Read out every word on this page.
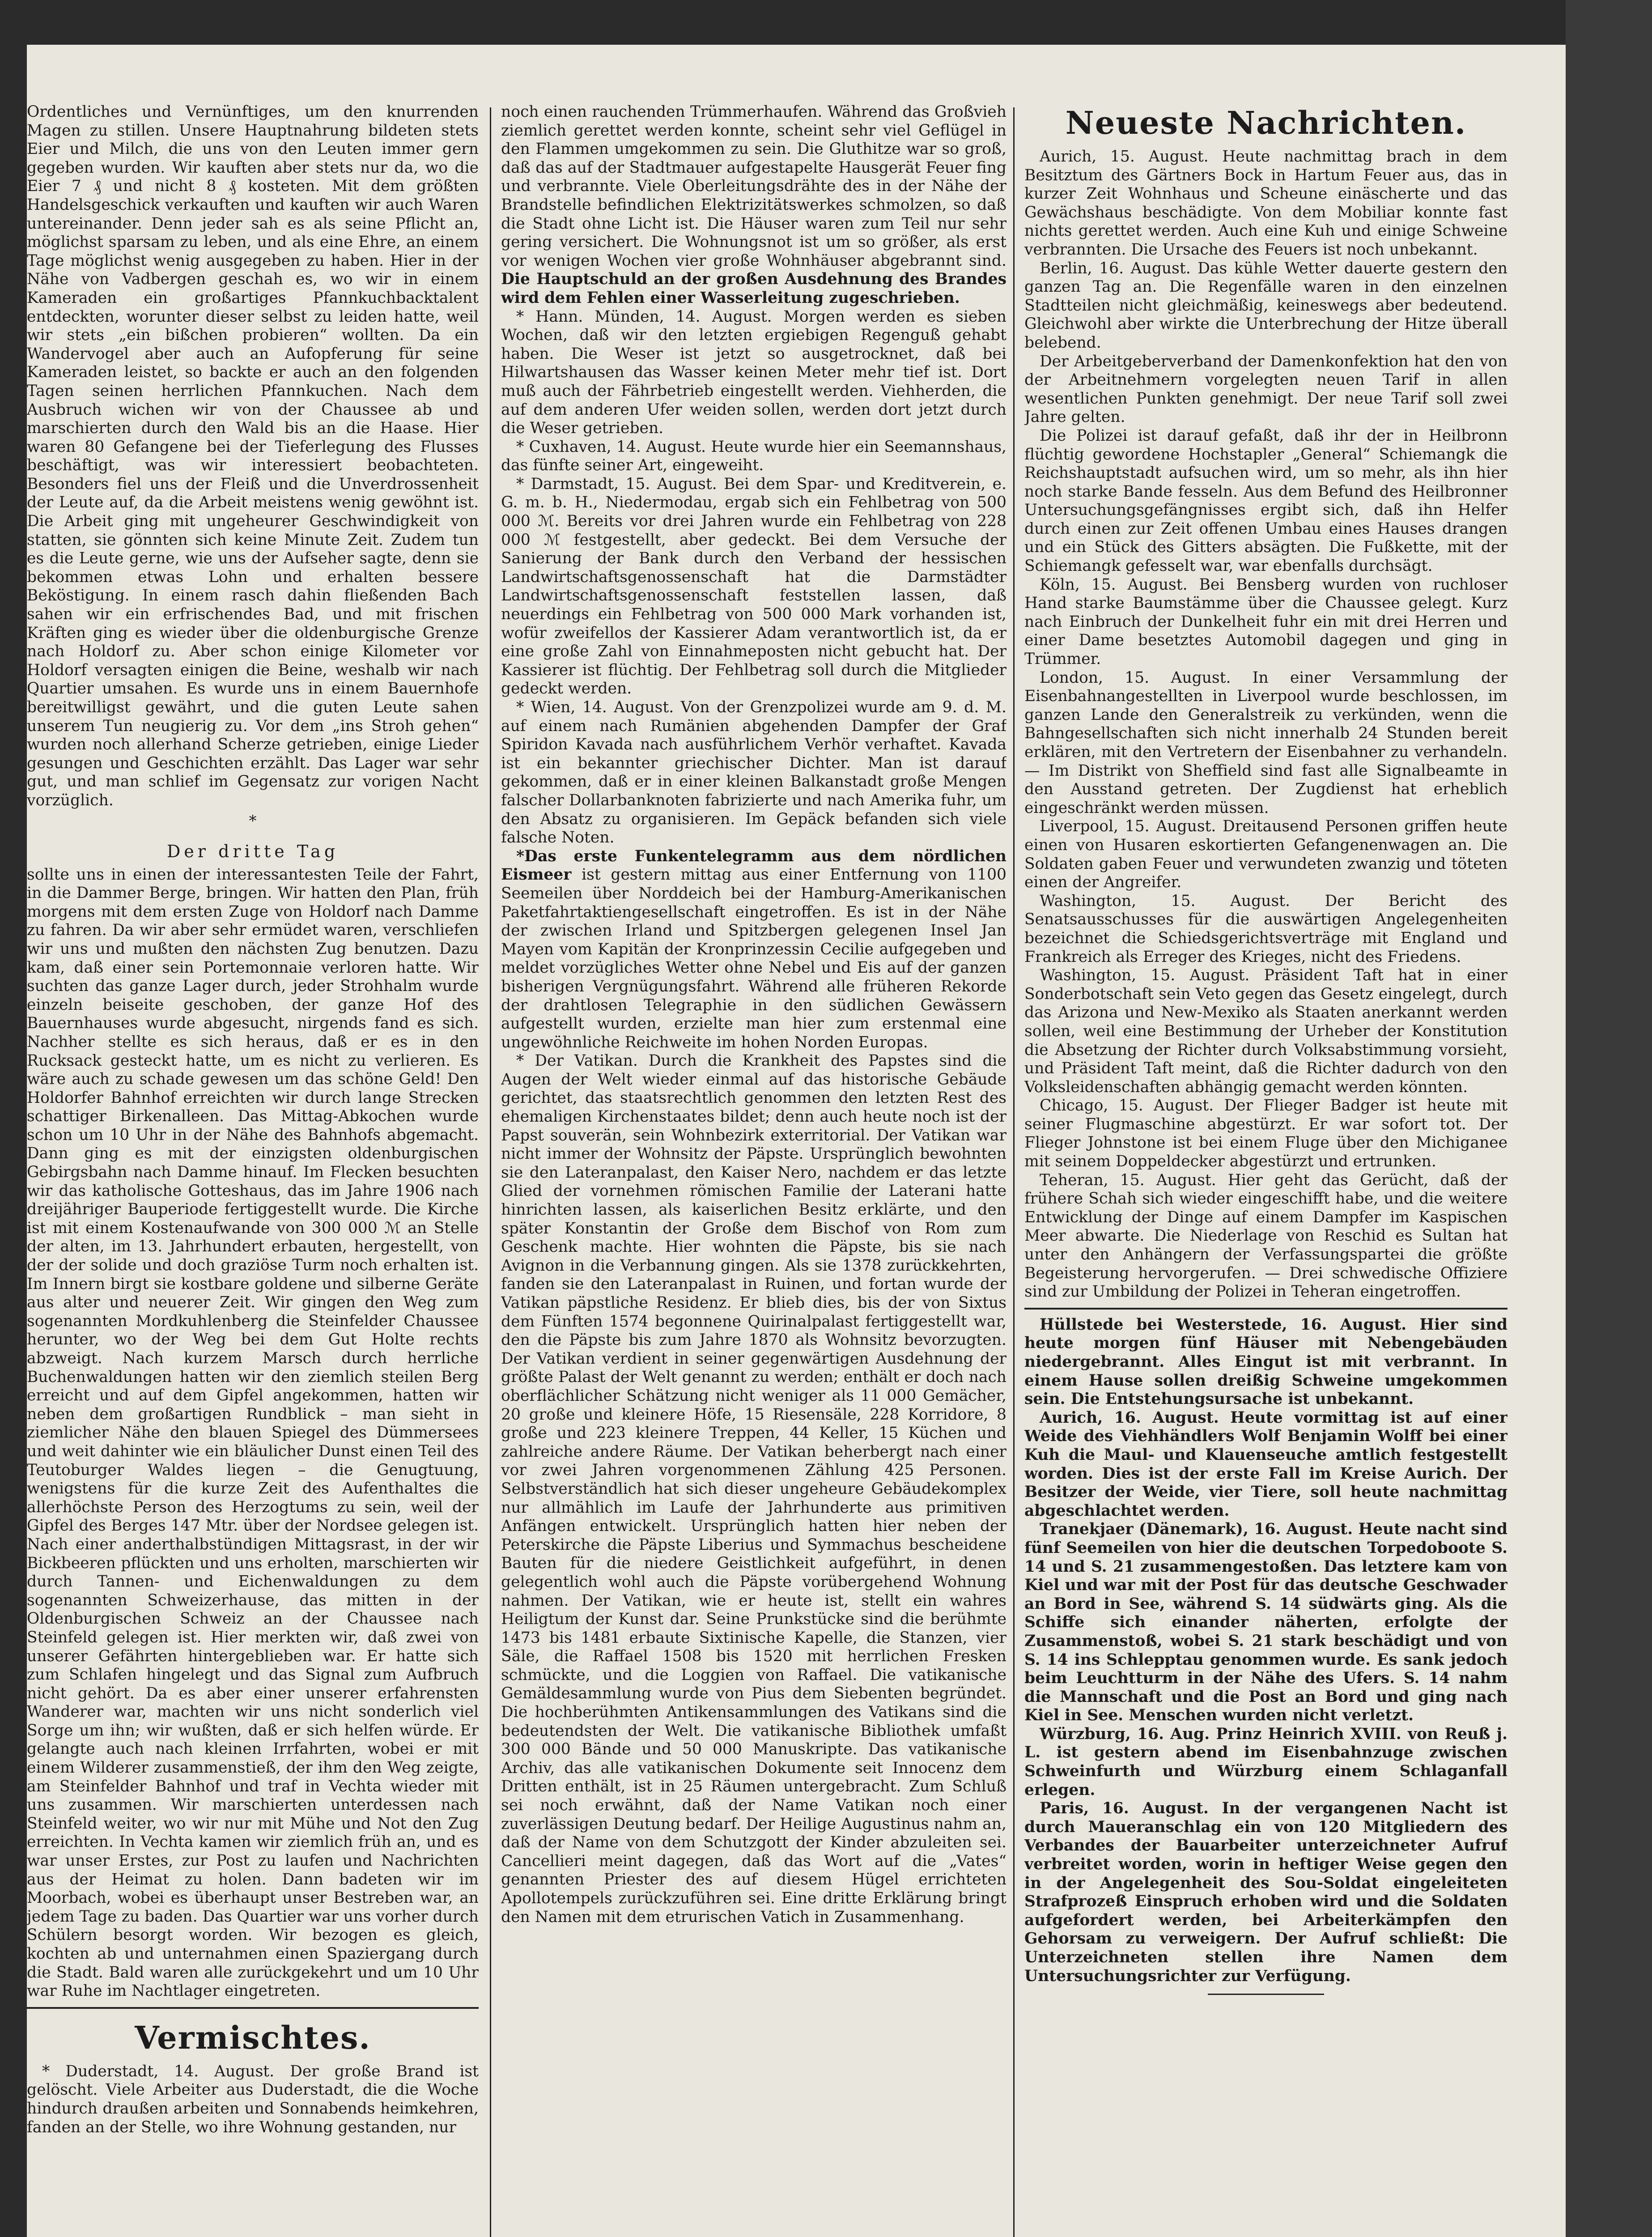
Ordentliches und Vernünftiges, um den knurrenden Magen zu stillen. Unsere Hauptnahrung bildeten stets Eier und Milch, die uns von den Leuten immer gern gegeben wurden. Wir kauften aber stets nur da, wo die Eier 7 ₰ und nicht 8 ₰ kosteten. Mit dem größten Handelsgeschick verkauften und kauften wir auch Waren untereinander. Denn jeder sah es als seine Pflicht an, möglichst sparsam zu leben, und als eine Ehre, an einem Tage möglichst wenig ausgegeben zu haben. Hier in der Nähe von Vadbergen geschah es, wo wir in einem Kameraden ein großartiges Pfannkuchbacktalent entdeckten, worunter dieser selbst zu leiden hatte, weil wir stets „ein bißchen probieren“ wollten. Da ein Wandervogel aber auch an Aufopferung für seine Kameraden leistet, so backte er auch an den folgenden Tagen seinen herrlichen Pfannkuchen. Nach dem Ausbruch wichen wir von der Chaussee ab und marschierten durch den Wald bis an die Haase. Hier waren 80 Gefangene bei der Tieferlegung des Flusses beschäftigt, was wir interessiert beobachteten. Besonders fiel uns der Fleiß und die Unverdrossenheit der Leute auf, da die Arbeit meistens wenig gewöhnt ist. Die Arbeit ging mit ungeheurer Geschwindigkeit von statten, sie gönnten sich keine Minute Zeit. Zudem tun es die Leute gerne, wie uns der Aufseher sagte, denn sie bekommen etwas Lohn und erhalten bessere Beköstigung. In einem rasch dahin fließenden Bach sahen wir ein erfrischendes Bad, und mit frischen Kräften ging es wieder über die oldenburgische Grenze nach Holdorf zu. Aber schon einige Kilometer vor Holdorf versagten einigen die Beine, weshalb wir nach Quartier umsahen. Es wurde uns in einem Bauernhofe bereitwilligst gewährt, und die guten Leute sahen unserem Tun neugierig zu. Vor dem „ins Stroh gehen“ wurden noch allerhand Scherze getrieben, einige Lieder gesungen und Geschichten erzählt. Das Lager war sehr gut, und man schlief im Gegensatz zur vorigen Nacht vorzüglich.

*
Der dritte Tag

sollte uns in einen der interessantesten Teile der Fahrt, in die Dammer Berge, bringen. Wir hatten den Plan, früh morgens mit dem ersten Zuge von Holdorf nach Damme zu fahren. Da wir aber sehr ermüdet waren, verschliefen wir uns und mußten den nächsten Zug benutzen. Dazu kam, daß einer sein Portemonnaie verloren hatte. Wir suchten das ganze Lager durch, jeder Strohhalm wurde einzeln beiseite geschoben, der ganze Hof des Bauernhauses wurde abgesucht, nirgends fand es sich. Nachher stellte es sich heraus, daß er es in den Rucksack gesteckt hatte, um es nicht zu verlieren. Es wäre auch zu schade gewesen um das schöne Geld! Den Holdorfer Bahnhof erreichten wir durch lange Strecken schattiger Birkenalleen. Das Mittag-Abkochen wurde schon um 10 Uhr in der Nähe des Bahnhofs abgemacht. Dann ging es mit der einzigsten oldenburgischen Gebirgsbahn nach Damme hinauf. Im Flecken besuchten wir das katholische Gotteshaus, das im Jahre 1906 nach dreijähriger Bauperiode fertiggestellt wurde. Die Kirche ist mit einem Kostenaufwande von 300 000 ℳ an Stelle der alten, im 13. Jahrhundert erbauten, hergestellt, von der der solide und doch graziöse Turm noch erhalten ist. Im Innern birgt sie kostbare goldene und silberne Geräte aus alter und neuerer Zeit. Wir gingen den Weg zum sogenannten Mordkuhlenberg die Steinfelder Chaussee herunter, wo der Weg bei dem Gut Holte rechts abzweigt. Nach kurzem Marsch durch herrliche Buchenwaldungen hatten wir den ziemlich steilen Berg erreicht und auf dem Gipfel angekommen, hatten wir neben dem großartigen Rundblick – man sieht in ziemlicher Nähe den blauen Spiegel des Dümmersees und weit dahinter wie ein bläulicher Dunst einen Teil des Teutoburger Waldes liegen – die Genugtuung, wenigstens für die kurze Zeit des Aufenthaltes die allerhöchste Person des Herzogtums zu sein, weil der Gipfel des Berges 147 Mtr. über der Nordsee gelegen ist. Nach einer anderthalbstündigen Mittagsrast, in der wir Bickbeeren pflückten und uns erholten, marschierten wir durch Tannen- und Eichenwaldungen zu dem sogenannten Schweizerhause, das mitten in der Oldenburgischen Schweiz an der Chaussee nach Steinfeld gelegen ist. Hier merkten wir, daß zwei von unserer Gefährten hintergeblieben war. Er hatte sich zum Schlafen hingelegt und das Signal zum Aufbruch nicht gehört. Da es aber einer unserer erfahrensten Wanderer war, machten wir uns nicht sonderlich viel Sorge um ihn; wir wußten, daß er sich helfen würde. Er gelangte auch nach kleinen Irrfahrten, wobei er mit einem Wilderer zusammenstieß, der ihm den Weg zeigte, am Steinfelder Bahnhof und traf in Vechta wieder mit uns zusammen. Wir marschierten unterdessen nach Steinfeld weiter, wo wir nur mit Mühe und Not den Zug erreichten. In Vechta kamen wir ziemlich früh an, und es war unser Erstes, zur Post zu laufen und Nachrichten aus der Heimat zu holen. Dann badeten wir im Moorbach, wobei es überhaupt unser Bestreben war, an jedem Tage zu baden. Das Quartier war uns vorher durch Schülern besorgt worden. Wir bezogen es gleich, kochten ab und unternahmen einen Spaziergang durch die Stadt. Bald waren alle zurückgekehrt und um 10 Uhr war Ruhe im Nachtlager eingetreten.

Vermischtes.

* Duderstadt, 14. August. Der große Brand ist gelöscht. Viele Arbeiter aus Duderstadt, die die Woche hindurch draußen arbeiten und Sonnabends heimkehren, fanden an der Stelle, wo ihre Wohnung gestanden, nur

noch einen rauchenden Trümmerhaufen. Während das Großvieh ziemlich gerettet werden konnte, scheint sehr viel Geflügel in den Flammen umgekommen zu sein. Die Gluthitze war so groß, daß das auf der Stadtmauer aufgestapelte Hausgerät Feuer fing und verbrannte. Viele Oberleitungsdrähte des in der Nähe der Brandstelle befindlichen Elektrizitätswerkes schmolzen, so daß die Stadt ohne Licht ist. Die Häuser waren zum Teil nur sehr gering versichert. Die Wohnungsnot ist um so größer, als erst vor wenigen Wochen vier große Wohnhäuser abgebrannt sind. Die Hauptschuld an der großen Ausdehnung des Brandes wird dem Fehlen einer Wasserleitung zugeschrieben.

* Hann. Münden, 14. August. Morgen werden es sieben Wochen, daß wir den letzten ergiebigen Regenguß gehabt haben. Die Weser ist jetzt so ausgetrocknet, daß bei Hilwartshausen das Wasser keinen Meter mehr tief ist. Dort muß auch der Fährbetrieb eingestellt werden. Viehherden, die auf dem anderen Ufer weiden sollen, werden dort jetzt durch die Weser getrieben.

* Cuxhaven, 14. August. Heute wurde hier ein Seemannshaus, das fünfte seiner Art, eingeweiht.

* Darmstadt, 15. August. Bei dem Spar- und Kreditverein, e. G. m. b. H., Niedermodau, ergab sich ein Fehlbetrag von 500 000 ℳ. Bereits vor drei Jahren wurde ein Fehlbetrag von 228 000 ℳ festgestellt, aber gedeckt. Bei dem Versuche der Sanierung der Bank durch den Verband der hessischen Landwirtschaftsgenossenschaft hat die Darmstädter Landwirtschaftsgenossenschaft feststellen lassen, daß neuerdings ein Fehlbetrag von 500 000 Mark vorhanden ist, wofür zweifellos der Kassierer Adam verantwortlich ist, da er eine große Zahl von Einnahmeposten nicht gebucht hat. Der Kassierer ist flüchtig. Der Fehlbetrag soll durch die Mitglieder gedeckt werden.

* Wien, 14. August. Von der Grenzpolizei wurde am 9. d. M. auf einem nach Rumänien abgehenden Dampfer der Graf Spiridon Kavada nach ausführlichem Verhör verhaftet. Kavada ist ein bekannter griechischer Dichter. Man ist darauf gekommen, daß er in einer kleinen Balkanstadt große Mengen falscher Dollarbanknoten fabrizierte und nach Amerika fuhr, um den Absatz zu organisieren. Im Gepäck befanden sich viele falsche Noten.

*Das erste Funkentelegramm aus dem nördlichen Eismeer ist gestern mittag aus einer Entfernung von 1100 Seemeilen über Norddeich bei der Hamburg-Amerikanischen Paketfahrtaktiengesellschaft eingetroffen. Es ist in der Nähe der zwischen Irland und Spitzbergen gelegenen Insel Jan Mayen vom Kapitän der Kronprinzessin Cecilie aufgegeben und meldet vorzügliches Wetter ohne Nebel und Eis auf der ganzen bisherigen Vergnügungsfahrt. Während alle früheren Rekorde der drahtlosen Telegraphie in den südlichen Gewässern aufgestellt wurden, erzielte man hier zum erstenmal eine ungewöhnliche Reichweite im hohen Norden Europas.

* Der Vatikan. Durch die Krankheit des Papstes sind die Augen der Welt wieder einmal auf das historische Gebäude gerichtet, das staatsrechtlich genommen den letzten Rest des ehemaligen Kirchenstaates bildet; denn auch heute noch ist der Papst souverän, sein Wohnbezirk exterritorial. Der Vatikan war nicht immer der Wohnsitz der Päpste. Ursprünglich bewohnten sie den Lateranpalast, den Kaiser Nero, nachdem er das letzte Glied der vornehmen römischen Familie der Laterani hatte hinrichten lassen, als kaiserlichen Besitz erklärte, und den später Konstantin der Große dem Bischof von Rom zum Geschenk machte. Hier wohnten die Päpste, bis sie nach Avignon in die Verbannung gingen. Als sie 1378 zurückkehrten, fanden sie den Lateranpalast in Ruinen, und fortan wurde der Vatikan päpstliche Residenz. Er blieb dies, bis der von Sixtus dem Fünften 1574 begonnene Quirinalpalast fertiggestellt war, den die Päpste bis zum Jahre 1870 als Wohnsitz bevorzugten. Der Vatikan verdient in seiner gegenwärtigen Ausdehnung der größte Palast der Welt genannt zu werden; enthält er doch nach oberflächlicher Schätzung nicht weniger als 11 000 Gemächer, 20 große und kleinere Höfe, 15 Riesensäle, 228 Korridore, 8 große und 223 kleinere Treppen, 44 Keller, 15 Küchen und zahlreiche andere Räume. Der Vatikan beherbergt nach einer vor zwei Jahren vorgenommenen Zählung 425 Personen. Selbstverständlich hat sich dieser ungeheure Gebäudekomplex nur allmählich im Laufe der Jahrhunderte aus primitiven Anfängen entwickelt. Ursprünglich hatten hier neben der Peterskirche die Päpste Liberius und Symmachus bescheidene Bauten für die niedere Geistlichkeit aufgeführt, in denen gelegentlich wohl auch die Päpste vorübergehend Wohnung nahmen. Der Vatikan, wie er heute ist, stellt ein wahres Heiligtum der Kunst dar. Seine Prunkstücke sind die berühmte 1473 bis 1481 erbaute Sixtinische Kapelle, die Stanzen, vier Säle, die Raffael 1508 bis 1520 mit herrlichen Fresken schmückte, und die Loggien von Raffael. Die vatikanische Gemäldesammlung wurde von Pius dem Siebenten begründet. Die hochberühmten Antikensammlungen des Vatikans sind die bedeutendsten der Welt. Die vatikanische Bibliothek umfaßt 300 000 Bände und 50 000 Manuskripte. Das vatikanische Archiv, das alle vatikanischen Dokumente seit Innocenz dem Dritten enthält, ist in 25 Räumen untergebracht. Zum Schluß sei noch erwähnt, daß der Name Vatikan noch einer zuverlässigen Deutung bedarf. Der Heilige Augustinus nahm an, daß der Name von dem Schutzgott der Kinder abzuleiten sei. Cancellieri meint dagegen, daß das Wort auf die „Vates“ genannten Priester des auf diesem Hügel errichteten Apollotempels zurückzuführen sei. Eine dritte Erklärung bringt den Namen mit dem etrurischen Vatich in Zusammenhang.

Neueste Nachrichten.

Aurich, 15. August. Heute nachmittag brach in dem Besitztum des Gärtners Bock in Hartum Feuer aus, das in kurzer Zeit Wohnhaus und Scheune einäscherte und das Gewächshaus beschädigte. Von dem Mobiliar konnte fast nichts gerettet werden. Auch eine Kuh und einige Schweine verbrannten. Die Ursache des Feuers ist noch unbekannt.

Berlin, 16. August. Das kühle Wetter dauerte gestern den ganzen Tag an. Die Regenfälle waren in den einzelnen Stadtteilen nicht gleichmäßig, keineswegs aber bedeutend. Gleichwohl aber wirkte die Unterbrechung der Hitze überall belebend.

Der Arbeitgeberverband der Damenkonfektion hat den von der Arbeitnehmern vorgelegten neuen Tarif in allen wesentlichen Punkten genehmigt. Der neue Tarif soll zwei Jahre gelten.

Die Polizei ist darauf gefaßt, daß ihr der in Heilbronn flüchtig gewordene Hochstapler „General“ Schiemangk die Reichshauptstadt aufsuchen wird, um so mehr, als ihn hier noch starke Bande fesseln. Aus dem Befund des Heilbronner Untersuchungsgefängnisses ergibt sich, daß ihn Helfer durch einen zur Zeit offenen Umbau eines Hauses drangen und ein Stück des Gitters absägten. Die Fußkette, mit der Schiemangk gefesselt war, war ebenfalls durchsägt.

Köln, 15. August. Bei Bensberg wurden von ruchloser Hand starke Baumstämme über die Chaussee gelegt. Kurz nach Einbruch der Dunkelheit fuhr ein mit drei Herren und einer Dame besetztes Automobil dagegen und ging in Trümmer.

London, 15. August. In einer Versammlung der Eisenbahnangestellten in Liverpool wurde beschlossen, im ganzen Lande den Generalstreik zu verkünden, wenn die Bahngesellschaften sich nicht innerhalb 24 Stunden bereit erklären, mit den Vertretern der Eisenbahner zu verhandeln. — Im Distrikt von Sheffield sind fast alle Signalbeamte in den Ausstand getreten. Der Zugdienst hat erheblich eingeschränkt werden müssen.

Liverpool, 15. August. Dreitausend Personen griffen heute einen von Husaren eskortierten Gefangenenwagen an. Die Soldaten gaben Feuer und verwundeten zwanzig und töteten einen der Angreifer.

Washington, 15. August. Der Bericht des Senatsausschusses für die auswärtigen Angelegenheiten bezeichnet die Schiedsgerichtsverträge mit England und Frankreich als Erreger des Krieges, nicht des Friedens.

Washington, 15. August. Präsident Taft hat in einer Sonderbotschaft sein Veto gegen das Gesetz eingelegt, durch das Arizona und New-Mexiko als Staaten anerkannt werden sollen, weil eine Bestimmung der Urheber der Konstitution die Absetzung der Richter durch Volksabstimmung vorsieht, und Präsident Taft meint, daß die Richter dadurch von den Volksleidenschaften abhängig gemacht werden könnten.

Chicago, 15. August. Der Flieger Badger ist heute mit seiner Flugmaschine abgestürzt. Er war sofort tot. Der Flieger Johnstone ist bei einem Fluge über den Michiganee mit seinem Doppeldecker abgestürzt und ertrunken.

Teheran, 15. August. Hier geht das Gerücht, daß der frühere Schah sich wieder eingeschifft habe, und die weitere Entwicklung der Dinge auf einem Dampfer im Kaspischen Meer abwarte. Die Niederlage von Reschid es Sultan hat unter den Anhängern der Verfassungspartei die größte Begeisterung hervorgerufen. — Drei schwedische Offiziere sind zur Umbildung der Polizei in Teheran eingetroffen.

Hüllstede bei Westerstede, 16. August. Hier sind heute morgen fünf Häuser mit Nebengebäuden niedergebrannt. Alles Eingut ist mit verbrannt. In einem Hause sollen dreißig Schweine umgekommen sein. Die Entstehungsursache ist unbekannt.

Aurich, 16. August. Heute vormittag ist auf einer Weide des Viehhändlers Wolf Benjamin Wolff bei einer Kuh die Maul- und Klauenseuche amtlich festgestellt worden. Dies ist der erste Fall im Kreise Aurich. Der Besitzer der Weide, vier Tiere, soll heute nachmittag abgeschlachtet werden.

Tranekjaer (Dänemark), 16. August. Heute nacht sind fünf Seemeilen von hier die deutschen Torpedoboote S. 14 und S. 21 zusammengestoßen. Das letztere kam von Kiel und war mit der Post für das deutsche Geschwader an Bord in See, während S. 14 südwärts ging. Als die Schiffe sich einander näherten, erfolgte der Zusammenstoß, wobei S. 21 stark beschädigt und von S. 14 ins Schlepptau genommen wurde. Es sank jedoch beim Leuchtturm in der Nähe des Ufers. S. 14 nahm die Mannschaft und die Post an Bord und ging nach Kiel in See. Menschen wurden nicht verletzt.

Würzburg, 16. Aug. Prinz Heinrich XVIII. von Reuß j. L. ist gestern abend im Eisenbahnzuge zwischen Schweinfurth und Würzburg einem Schlaganfall erlegen.

Paris, 16. August. In der vergangenen Nacht ist durch Maueranschlag ein von 120 Mitgliedern des Verbandes der Bauarbeiter unterzeichneter Aufruf verbreitet worden, worin in heftiger Weise gegen den in der Angelegenheit des Sou-Soldat eingeleiteten Strafprozeß Einspruch erhoben wird und die Soldaten aufgefordert werden, bei Arbeiterkämpfen den Gehorsam zu verweigern. Der Aufruf schließt: Die Unterzeichneten stellen ihre Namen dem Untersuchungsrichter zur Verfügung.
